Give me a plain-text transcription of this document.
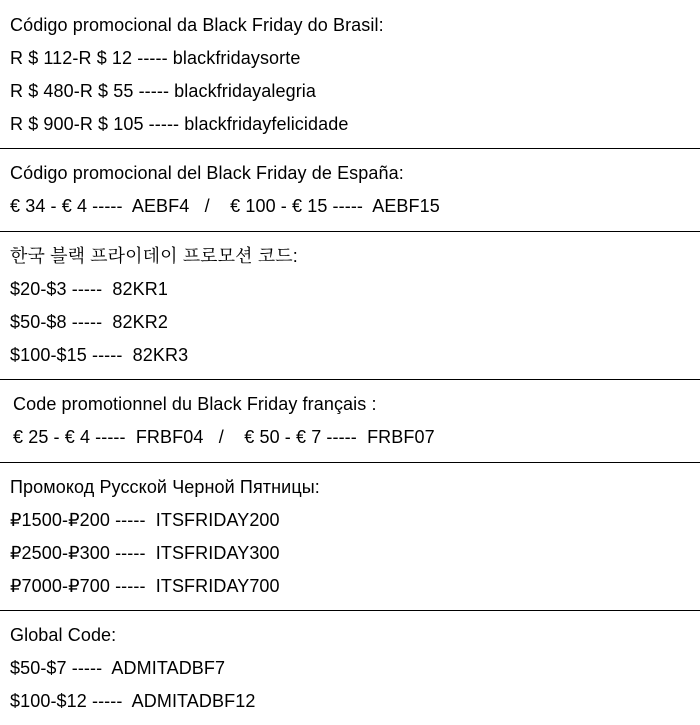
Código promocional da Black Friday do Brasil:
R $ 112-R $ 12 ----- blackfridaysorte
R $ 480-R $ 55 ----- blackfridayalegria
R $ 900-R $ 105 ----- blackfridayfelicidade
Código promocional del Black Friday de España:
€ 34 - € 4 -----  AEBF4   /    € 100 - € 15 -----  AEBF15
한국 블랙 프라이데이 프로모션 코드:
$20-$3 -----  82KR1
$50-$8 -----  82KR2
$100-$15 -----  82KR3
Code promotionnel du Black Friday français :
€ 25 - € 4 -----  FRBF04   /    € 50 - € 7 -----  FRBF07
Промокод Русской Черной Пятницы:
₽1500-₽200 -----  ITSFRIDAY200
₽2500-₽300 -----  ITSFRIDAY300
₽7000-₽700 -----  ITSFRIDAY700
Global Code:
$50-$7 -----  ADMITADBF7
$100-$12 -----  ADMITADBF12
